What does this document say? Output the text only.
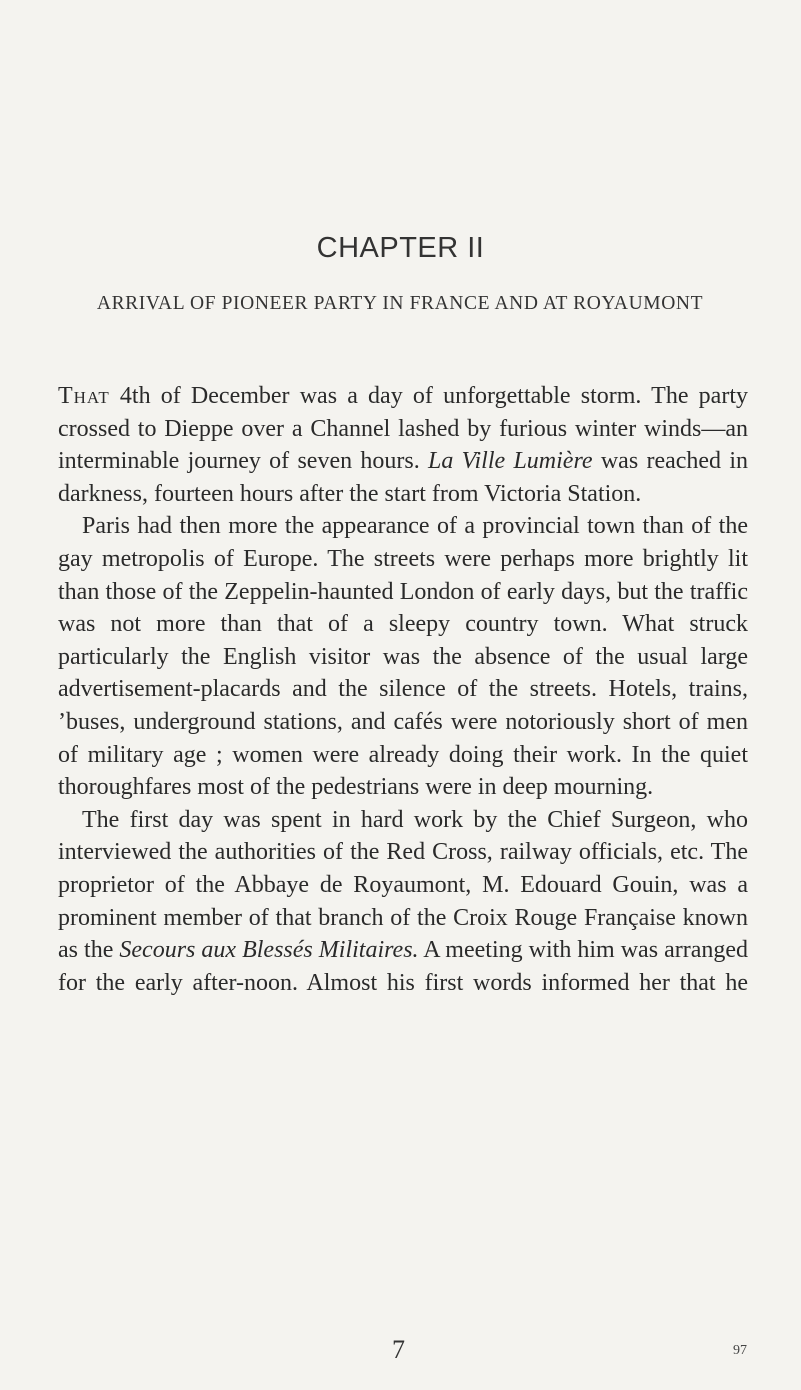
CHAPTER II
ARRIVAL OF PIONEER PARTY IN FRANCE AND AT ROYAUMONT

That 4th of December was a day of unforgettable storm. The party crossed to Dieppe over a Channel lashed by furious winter winds—an interminable journey of seven hours. La Ville Lumière was reached in darkness, fourteen hours after the start from Victoria Station.

Paris had then more the appearance of a provincial town than of the gay metropolis of Europe. The streets were perhaps more brightly lit than those of the Zeppelin-haunted London of early days, but the traffic was not more than that of a sleepy country town. What struck particularly the English visitor was the absence of the usual large advertisement-placards and the silence of the streets. Hotels, trains, ’buses, underground stations, and cafés were notoriously short of men of military age ; women were already doing their work. In the quiet thoroughfares most of the pedestrians were in deep mourning.

The first day was spent in hard work by the Chief Surgeon, who interviewed the authorities of the Red Cross, railway officials, etc. The proprietor of the Abbaye de Royaumont, M. Edouard Gouin, was a prominent member of that branch of the Croix Rouge Française known as the Secours aux Blessés Militaires. A meeting with him was arranged for the early after-noon. Almost his first words informed her that he

7	97
